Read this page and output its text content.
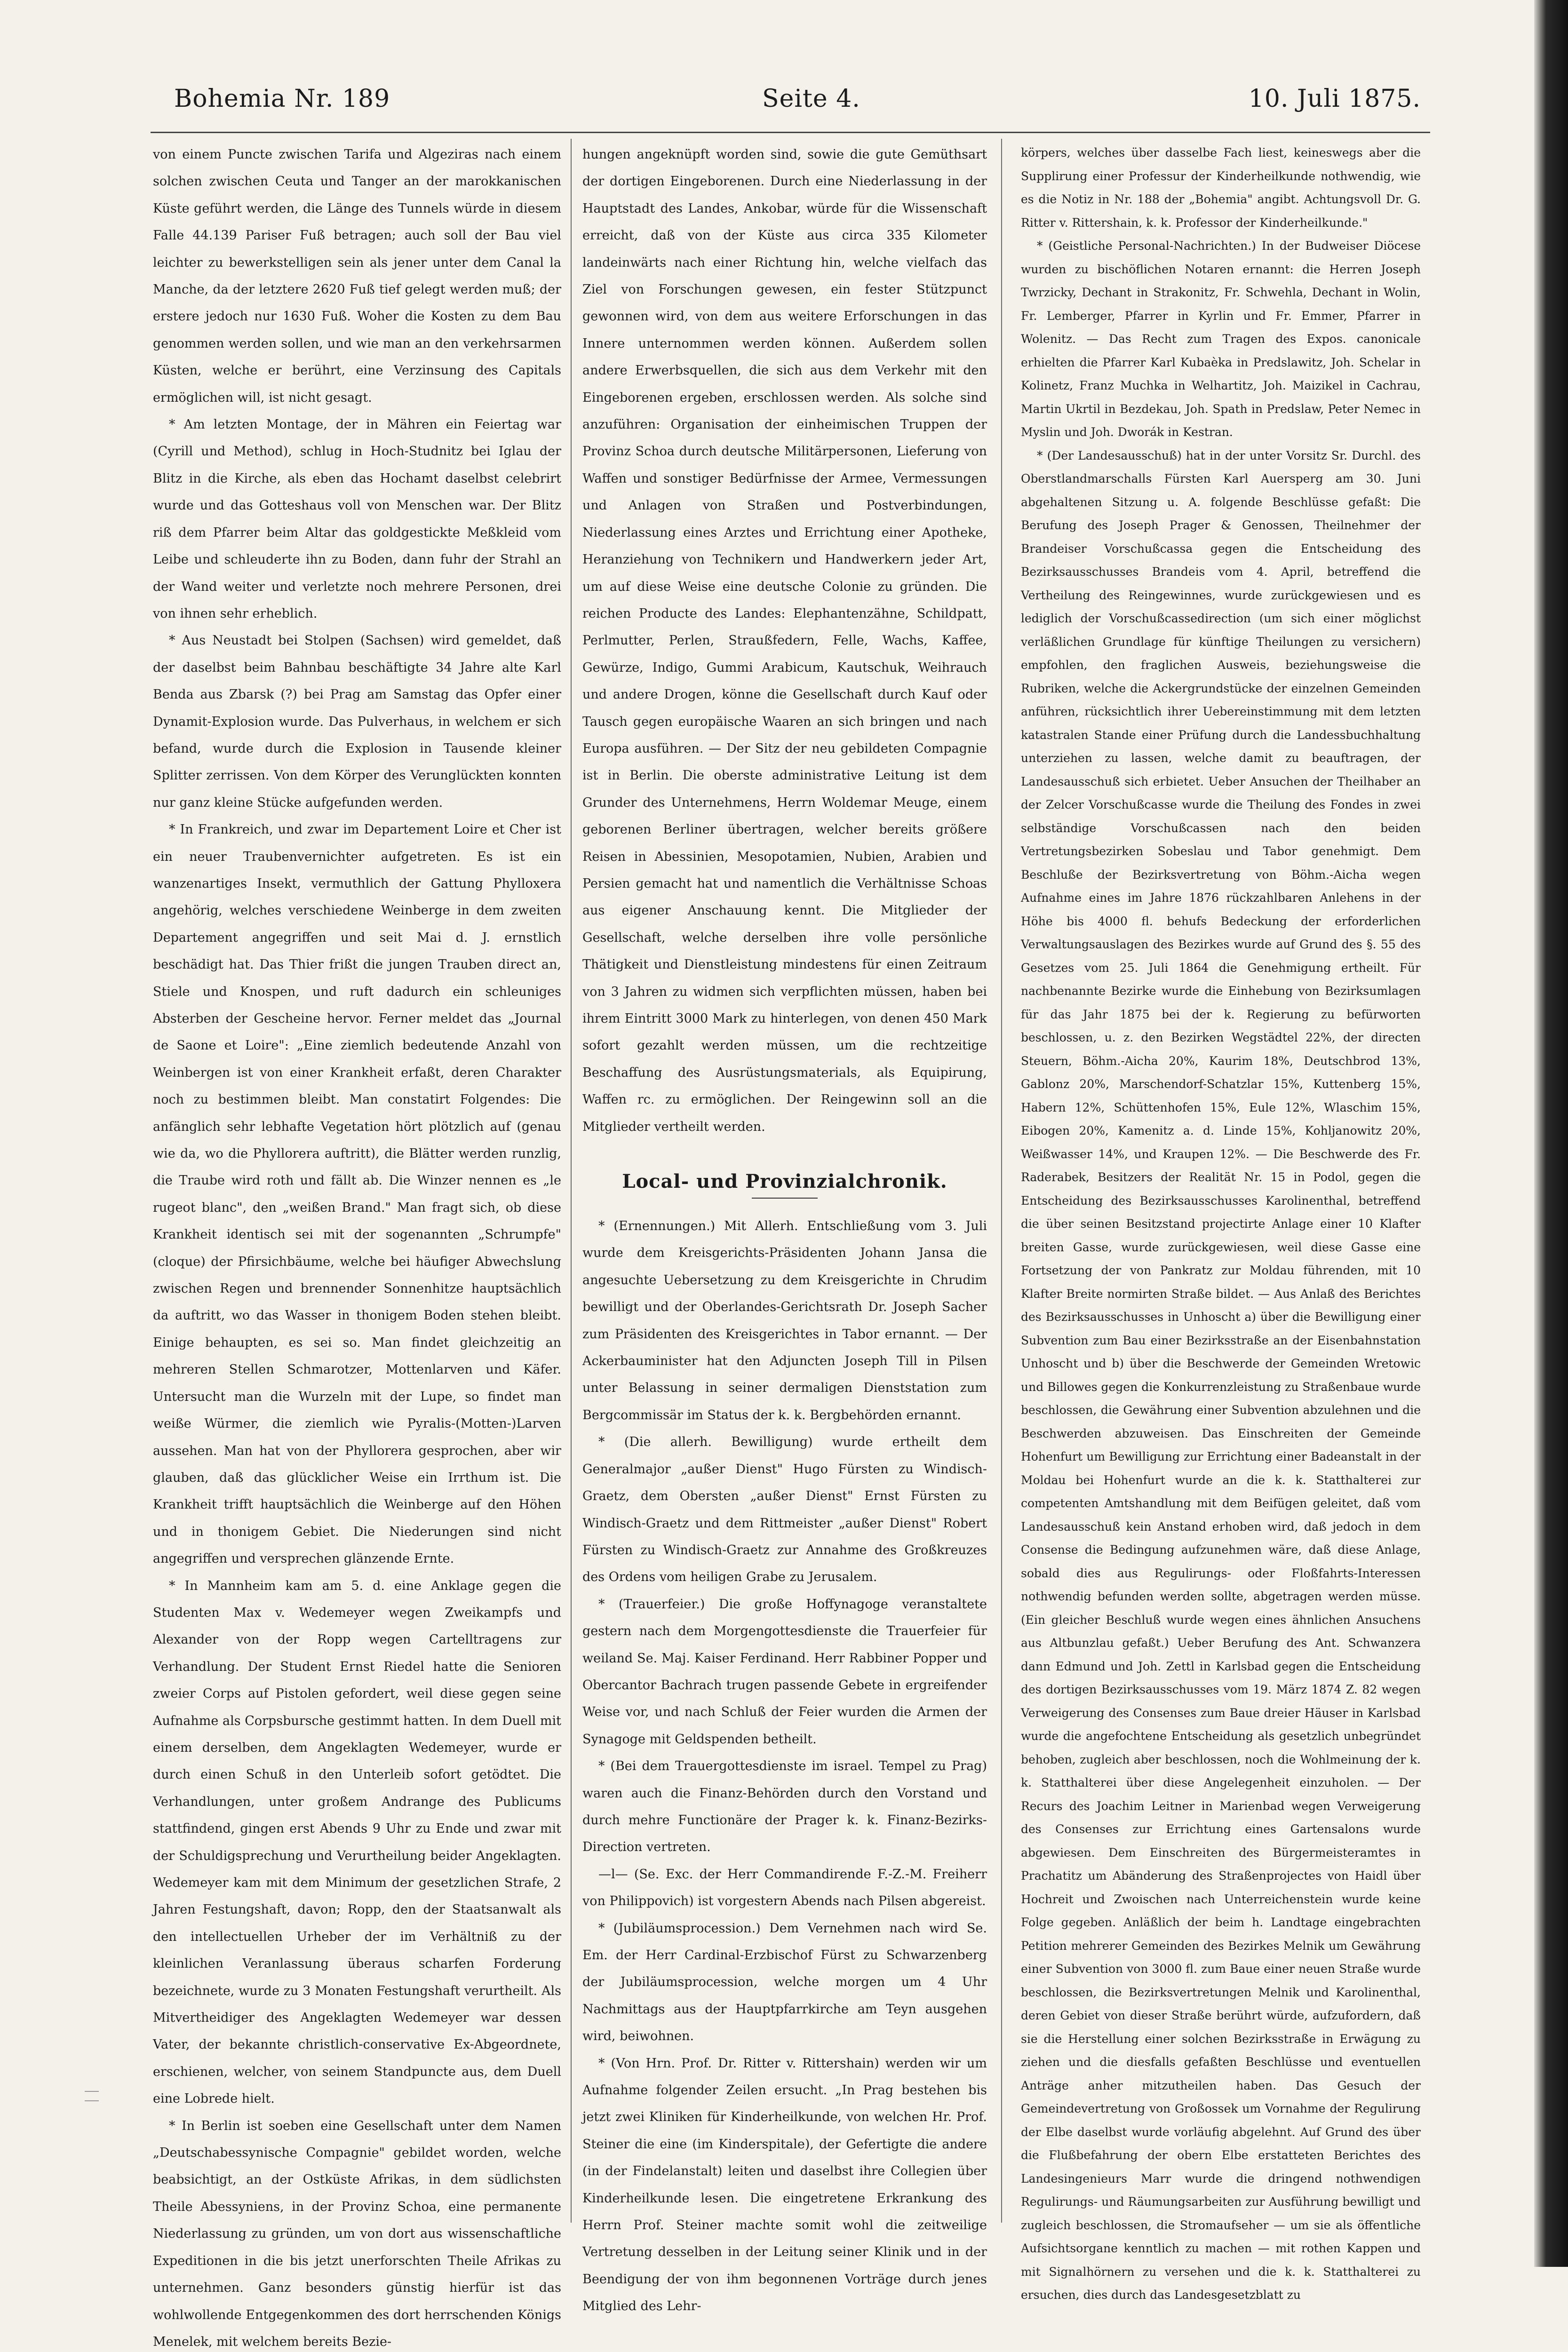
Bohemia Nr. 189	Seite 4.	10. Juli 1875.

von einem Puncte zwischen Tarifa und Algeziras nach einem solchen zwischen Ceuta und Tanger an der marokkanischen Küste geführt werden, die Länge des Tunnels würde in diesem Falle 44.139 Pariser Fuß betragen; auch soll der Bau viel leichter zu bewerkstelligen sein als jener unter dem Canal la Manche, da der letztere 2620 Fuß tief gelegt werden muß; der erstere jedoch nur 1630 Fuß. Woher die Kosten zu dem Bau genommen werden sollen, und wie man an den verkehrsarmen Küsten, welche er berührt, eine Verzinsung des Capitals ermöglichen will, ist nicht gesagt.

* Am letzten Montage, der in Mähren ein Feiertag war (Cyrill und Method), schlug in Hoch-Studnitz bei Iglau der Blitz in die Kirche, als eben das Hochamt daselbst celebrirt wurde und das Gotteshaus voll von Menschen war. Der Blitz riß dem Pfarrer beim Altar das goldgestickte Meßkleid vom Leibe und schleuderte ihn zu Boden, dann fuhr der Strahl an der Wand weiter und verletzte noch mehrere Personen, drei von ihnen sehr erheblich.

* Aus Neustadt bei Stolpen (Sachsen) wird gemeldet, daß der daselbst beim Bahnbau beschäftigte 34 Jahre alte Karl Benda aus Zbarsk (?) bei Prag am Samstag das Opfer einer Dynamit-Explosion wurde. Das Pulverhaus, in welchem er sich befand, wurde durch die Explosion in Tausende kleiner Splitter zerrissen. Von dem Körper des Verunglückten konnten nur ganz kleine Stücke aufgefunden werden.

* In Frankreich, und zwar im Departement Loire et Cher ist ein neuer Traubenvernichter aufgetreten. Es ist ein wanzenartiges Insekt, vermuthlich der Gattung Phylloxera angehörig, welches verschiedene Weinberge in dem zweiten Departement angegriffen und seit Mai d. J. ernstlich beschädigt hat. Das Thier frißt die jungen Trauben direct an, Stiele und Knospen, und ruft dadurch ein schleuniges Absterben der Gescheine hervor. Ferner meldet das „Journal de Saone et Loire": „Eine ziemlich bedeutende Anzahl von Weinbergen ist von einer Krankheit erfaßt, deren Charakter noch zu bestimmen bleibt. Man constatirt Folgendes: Die anfänglich sehr lebhafte Vegetation hört plötzlich auf (genau wie da, wo die Phyllorera auftritt), die Blätter werden runzlig, die Traube wird roth und fällt ab. Die Winzer nennen es „le rugeot blanc", den „weißen Brand." Man fragt sich, ob diese Krankheit identisch sei mit der sogenannten „Schrumpfe" (cloque) der Pfirsichbäume, welche bei häufiger Abwechslung zwischen Regen und brennender Sonnenhitze hauptsächlich da auftritt, wo das Wasser in thonigem Boden stehen bleibt. Einige behaupten, es sei so. Man findet gleichzeitig an mehreren Stellen Schmarotzer, Mottenlarven und Käfer. Untersucht man die Wurzeln mit der Lupe, so findet man weiße Würmer, die ziemlich wie Pyralis-(Motten-)Larven aussehen. Man hat von der Phyllorera gesprochen, aber wir glauben, daß das glücklicher Weise ein Irrthum ist. Die Krankheit trifft hauptsächlich die Weinberge auf den Höhen und in thonigem Gebiet. Die Niederungen sind nicht angegriffen und versprechen glänzende Ernte.

* In Mannheim kam am 5. d. eine Anklage gegen die Studenten Max v. Wedemeyer wegen Zweikampfs und Alexander von der Ropp wegen Cartelltragens zur Verhandlung. Der Student Ernst Riedel hatte die Senioren zweier Corps auf Pistolen gefordert, weil diese gegen seine Aufnahme als Corpsbursche gestimmt hatten. In dem Duell mit einem derselben, dem Angeklagten Wedemeyer, wurde er durch einen Schuß in den Unterleib sofort getödtet. Die Verhandlungen, unter großem Andrange des Publicums stattfindend, gingen erst Abends 9 Uhr zu Ende und zwar mit der Schuldigsprechung und Verurtheilung beider Angeklagten. Wedemeyer kam mit dem Minimum der gesetzlichen Strafe, 2 Jahren Festungshaft, davon; Ropp, den der Staatsanwalt als den intellectuellen Urheber der im Verhältniß zu der kleinlichen Veranlassung überaus scharfen Forderung bezeichnete, wurde zu 3 Monaten Festungshaft verurtheilt. Als Mitvertheidiger des Angeklagten Wedemeyer war dessen Vater, der bekannte christlich-conservative Ex-Abgeordnete, erschienen, welcher, von seinem Standpuncte aus, dem Duell eine Lobrede hielt.

* In Berlin ist soeben eine Gesellschaft unter dem Namen „Deutschabessynische Compagnie" gebildet worden, welche beabsichtigt, an der Ostküste Afrikas, in dem südlichsten Theile Abessyniens, in der Provinz Schoa, eine permanente Niederlassung zu gründen, um von dort aus wissenschaftliche Expeditionen in die bis jetzt unerforschten Theile Afrikas zu unternehmen. Ganz besonders günstig hierfür ist das wohlwollende Entgegenkommen des dort herrschenden Königs Menelek, mit welchem bereits Bezie-

hungen angeknüpft worden sind, sowie die gute Gemüthsart der dortigen Eingeborenen. Durch eine Niederlassung in der Hauptstadt des Landes, Ankobar, würde für die Wissenschaft erreicht, daß von der Küste aus circa 335 Kilometer landeinwärts nach einer Richtung hin, welche vielfach das Ziel von Forschungen gewesen, ein fester Stützpunct gewonnen wird, von dem aus weitere Erforschungen in das Innere unternommen werden können. Außerdem sollen andere Erwerbsquellen, die sich aus dem Verkehr mit den Eingeborenen ergeben, erschlossen werden. Als solche sind anzuführen: Organisation der einheimischen Truppen der Provinz Schoa durch deutsche Militärpersonen, Lieferung von Waffen und sonstiger Bedürfnisse der Armee, Vermessungen und Anlagen von Straßen und Postverbindungen, Niederlassung eines Arztes und Errichtung einer Apotheke, Heranziehung von Technikern und Handwerkern jeder Art, um auf diese Weise eine deutsche Colonie zu gründen. Die reichen Producte des Landes: Elephantenzähne, Schildpatt, Perlmutter, Perlen, Straußfedern, Felle, Wachs, Kaffee, Gewürze, Indigo, Gummi Arabicum, Kautschuk, Weihrauch und andere Drogen, könne die Gesellschaft durch Kauf oder Tausch gegen europäische Waaren an sich bringen und nach Europa ausführen. — Der Sitz der neu gebildeten Compagnie ist in Berlin. Die oberste administrative Leitung ist dem Grunder des Unternehmens, Herrn Woldemar Meuge, einem geborenen Berliner übertragen, welcher bereits größere Reisen in Abessinien, Mesopotamien, Nubien, Arabien und Persien gemacht hat und namentlich die Verhältnisse Schoas aus eigener Anschauung kennt. Die Mitglieder der Gesellschaft, welche derselben ihre volle persönliche Thätigkeit und Dienstleistung mindestens für einen Zeitraum von 3 Jahren zu widmen sich verpflichten müssen, haben bei ihrem Eintritt 3000 Mark zu hinterlegen, von denen 450 Mark sofort gezahlt werden müssen, um die rechtzeitige Beschaffung des Ausrüstungsmaterials, als Equipirung, Waffen rc. zu ermöglichen. Der Reingewinn soll an die Mitglieder vertheilt werden.

Local- und Provinzialchronik.

* (Ernennungen.) Mit Allerh. Entschließung vom 3. Juli wurde dem Kreisgerichts-Präsidenten Johann Jansa die angesuchte Uebersetzung zu dem Kreisgerichte in Chrudim bewilligt und der Oberlandes-Gerichtsrath Dr. Joseph Sacher zum Präsidenten des Kreisgerichtes in Tabor ernannt. — Der Ackerbauminister hat den Adjuncten Joseph Till in Pilsen unter Belassung in seiner dermaligen Dienststation zum Bergcommissär im Status der k. k. Bergbehörden ernannt.

* (Die allerh. Bewilligung) wurde ertheilt dem Generalmajor „außer Dienst" Hugo Fürsten zu Windisch-Graetz, dem Obersten „außer Dienst" Ernst Fürsten zu Windisch-Graetz und dem Rittmeister „außer Dienst" Robert Fürsten zu Windisch-Graetz zur Annahme des Großkreuzes des Ordens vom heiligen Grabe zu Jerusalem.

* (Trauerfeier.) Die große Hoffynagoge veranstaltete gestern nach dem Morgengottesdienste die Trauerfeier für weiland Se. Maj. Kaiser Ferdinand. Herr Rabbiner Popper und Obercantor Bachrach trugen passende Gebete in ergreifender Weise vor, und nach Schluß der Feier wurden die Armen der Synagoge mit Geldspenden betheilt.

* (Bei dem Trauergottesdienste im israel. Tempel zu Prag) waren auch die Finanz-Behörden durch den Vorstand und durch mehre Functionäre der Prager k. k. Finanz-Bezirks-Direction vertreten.

—l— (Se. Exc. der Herr Commandirende F.-Z.-M. Freiherr von Philippovich) ist vorgestern Abends nach Pilsen abgereist.

* (Jubiläumsprocession.) Dem Vernehmen nach wird Se. Em. der Herr Cardinal-Erzbischof Fürst zu Schwarzenberg der Jubiläumsprocession, welche morgen um 4 Uhr Nachmittags aus der Hauptpfarrkirche am Teyn ausgehen wird, beiwohnen.

* (Von Hrn. Prof. Dr. Ritter v. Rittershain) werden wir um Aufnahme folgender Zeilen ersucht. „In Prag bestehen bis jetzt zwei Kliniken für Kinderheilkunde, von welchen Hr. Prof. Steiner die eine (im Kinderspitale), der Gefertigte die andere (in der Findelanstalt) leiten und daselbst ihre Collegien über Kinderheilkunde lesen. Die eingetretene Erkrankung des Herrn Prof. Steiner machte somit wohl die zeitweilige Vertretung desselben in der Leitung seiner Klinik und in der Beendigung der von ihm begonnenen Vorträge durch jenes Mitglied des Lehr-

körpers, welches über dasselbe Fach liest, keineswegs aber die Supplirung einer Professur der Kinderheilkunde nothwendig, wie es die Notiz in Nr. 188 der „Bohemia" angibt. Achtungsvoll Dr. G. Ritter v. Rittershain, k. k. Professor der Kinderheilkunde."

* (Geistliche Personal-Nachrichten.) In der Budweiser Diöcese wurden zu bischöflichen Notaren ernannt: die Herren Joseph Twrzicky, Dechant in Strakonitz, Fr. Schwehla, Dechant in Wolin, Fr. Lemberger, Pfarrer in Kyrlin und Fr. Emmer, Pfarrer in Wolenitz. — Das Recht zum Tragen des Expos. canonicale erhielten die Pfarrer Karl Kubaèka in Predslawitz, Joh. Schelar in Kolinetz, Franz Muchka in Welhartitz, Joh. Maizikel in Cachrau, Martin Ukrtil in Bezdekau, Joh. Spath in Predslaw, Peter Nemec in Myslin und Joh. Dworák in Kestran.

* (Der Landesausschuß) hat in der unter Vorsitz Sr. Durchl. des Oberstlandmarschalls Fürsten Karl Auersperg am 30. Juni abgehaltenen Sitzung u. A. folgende Beschlüsse gefaßt: Die Berufung des Joseph Prager & Genossen, Theilnehmer der Brandeiser Vorschußcassa gegen die Entscheidung des Bezirksausschusses Brandeis vom 4. April, betreffend die Vertheilung des Reingewinnes, wurde zurückgewiesen und es lediglich der Vorschußcassedirection (um sich einer möglichst verläßlichen Grundlage für künftige Theilungen zu versichern) empfohlen, den fraglichen Ausweis, beziehungsweise die Rubriken, welche die Ackergrundstücke der einzelnen Gemeinden anführen, rücksichtlich ihrer Uebereinstimmung mit dem letzten katastralen Stande einer Prüfung durch die Landessbuchhaltung unterziehen zu lassen, welche damit zu beauftragen, der Landesausschuß sich erbietet. Ueber Ansuchen der Theilhaber an der Zelcer Vorschußcasse wurde die Theilung des Fondes in zwei selbständige Vorschußcassen nach den beiden Vertretungsbezirken Sobeslau und Tabor genehmigt. Dem Beschluße der Bezirksvertretung von Böhm.-Aicha wegen Aufnahme eines im Jahre 1876 rückzahlbaren Anlehens in der Höhe bis 4000 fl. behufs Bedeckung der erforderlichen Verwaltungsauslagen des Bezirkes wurde auf Grund des §. 55 des Gesetzes vom 25. Juli 1864 die Genehmigung ertheilt. Für nachbenannte Bezirke wurde die Einhebung von Bezirksumlagen für das Jahr 1875 bei der k. Regierung zu befürworten beschlossen, u. z. den Bezirken Wegstädtel 22%, der directen Steuern, Böhm.-Aicha 20%, Kaurim 18%, Deutschbrod 13%, Gablonz 20%, Marschendorf-Schatzlar 15%, Kuttenberg 15%, Habern 12%, Schüttenhofen 15%, Eule 12%, Wlaschim 15%, Eibogen 20%, Kamenitz a. d. Linde 15%, Kohljanowitz 20%, Weißwasser 14%, und Kraupen 12%. — Die Beschwerde des Fr. Raderabek, Besitzers der Realität Nr. 15 in Podol, gegen die Entscheidung des Bezirksausschusses Karolinenthal, betreffend die über seinen Besitzstand projectirte Anlage einer 10 Klafter breiten Gasse, wurde zurückgewiesen, weil diese Gasse eine Fortsetzung der von Pankratz zur Moldau führenden, mit 10 Klafter Breite normirten Straße bildet. — Aus Anlaß des Berichtes des Bezirksausschusses in Unhoscht a) über die Bewilligung einer Subvention zum Bau einer Bezirksstraße an der Eisenbahnstation Unhoscht und b) über die Beschwerde der Gemeinden Wretowic und Billowes gegen die Konkurrenzleistung zu Straßenbaue wurde beschlossen, die Gewährung einer Subvention abzulehnen und die Beschwerden abzuweisen. Das Einschreiten der Gemeinde Hohenfurt um Bewilligung zur Errichtung einer Badeanstalt in der Moldau bei Hohenfurt wurde an die k. k. Statthalterei zur competenten Amtshandlung mit dem Beifügen geleitet, daß vom Landesausschuß kein Anstand erhoben wird, daß jedoch in dem Consense die Bedingung aufzunehmen wäre, daß diese Anlage, sobald dies aus Regulirungs- oder Floßfahrts-Interessen nothwendig befunden werden sollte, abgetragen werden müsse. (Ein gleicher Beschluß wurde wegen eines ähnlichen Ansuchens aus Altbunzlau gefaßt.) Ueber Berufung des Ant. Schwanzera dann Edmund und Joh. Zettl in Karlsbad gegen die Entscheidung des dortigen Bezirksausschusses vom 19. März 1874 Z. 82 wegen Verweigerung des Consenses zum Baue dreier Häuser in Karlsbad wurde die angefochtene Entscheidung als gesetzlich unbegründet behoben, zugleich aber beschlossen, noch die Wohlmeinung der k. k. Statthalterei über diese Angelegenheit einzuholen. — Der Recurs des Joachim Leitner in Marienbad wegen Verweigerung des Consenses zur Errichtung eines Gartensalons wurde abgewiesen. Dem Einschreiten des Bürgermeisteramtes in Prachatitz um Abänderung des Straßenprojectes von Haidl über Hochreit und Zwoischen nach Unterreichenstein wurde keine Folge gegeben. Anläßlich der beim h. Landtage eingebrachten Petition mehrerer Gemeinden des Bezirkes Melnik um Gewährung einer Subvention von 3000 fl. zum Baue einer neuen Straße wurde beschlossen, die Bezirksvertretungen Melnik und Karolinenthal, deren Gebiet von dieser Straße berührt würde, aufzufordern, daß sie die Herstellung einer solchen Bezirksstraße in Erwägung zu ziehen und die diesfalls gefaßten Beschlüsse und eventuellen Anträge anher mitzutheilen haben. Das Gesuch der Gemeindevertretung von Großossek um Vornahme der Regulirung der Elbe daselbst wurde vorläufig abgelehnt. Auf Grund des über die Flußbefahrung der obern Elbe erstatteten Berichtes des Landesingenieurs Marr wurde die dringend nothwendigen Regulirungs- und Räumungsarbeiten zur Ausführung bewilligt und zugleich beschlossen, die Stromaufseher — um sie als öffentliche Aufsichtsorgane kenntlich zu machen — mit rothen Kappen und mit Signalhörnern zu versehen und die k. k. Statthalterei zu ersuchen, dies durch das Landesgesetzblatt zu
